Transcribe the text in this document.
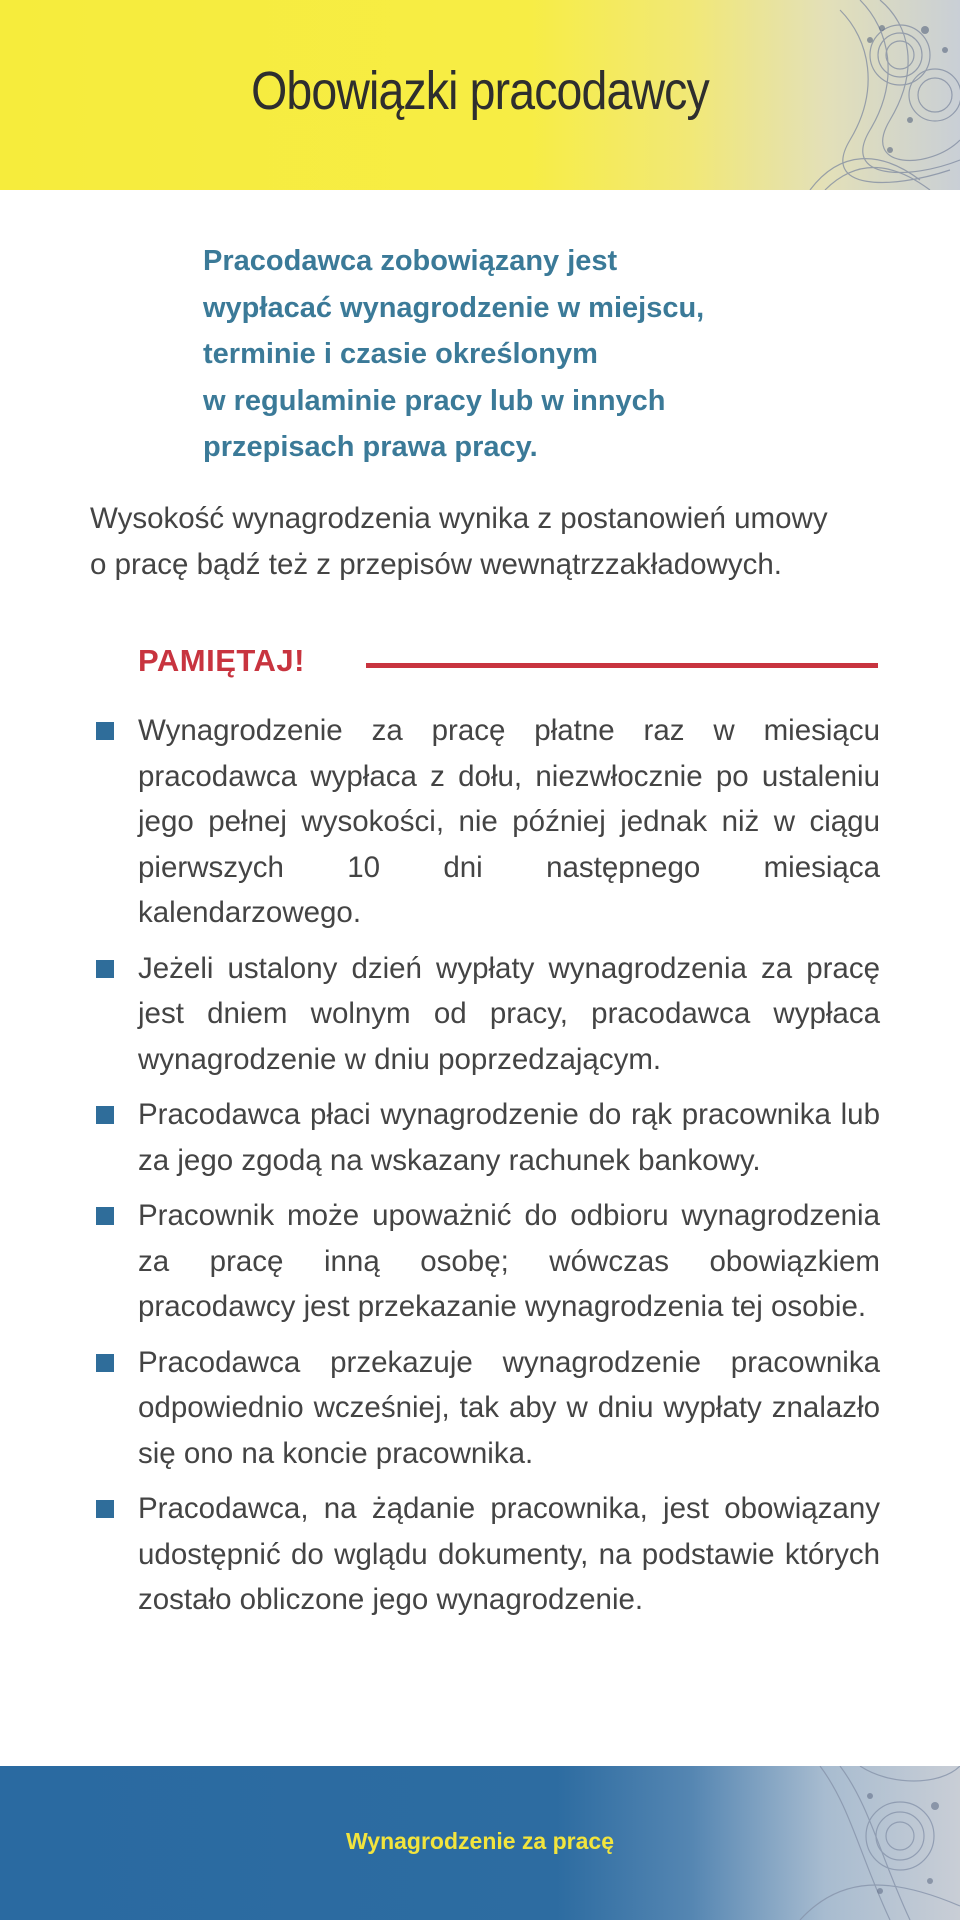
Obowiązki pracodawcy
Pracodawca zobowiązany jest
wypłacać wynagrodzenie w miejscu,
terminie i czasie określonym
w regulaminie pracy lub w innych
przepisach prawa pracy.
Wysokość wynagrodzenia wynika z postanowień umowy
o pracę bądź też z przepisów wewnątrzzakładowych.
PAMIĘTAJ!
Wynagrodzenie za pracę płatne raz w miesiącu pracodawca wypłaca z dołu, niezwłocznie po ustaleniu jego pełnej wysokości, nie później jednak niż w ciągu pierwszych 10 dni następnego miesiąca kalendarzowego.
Jeżeli ustalony dzień wypłaty wynagrodzenia za pracę jest dniem wolnym od pracy, pracodawca wypłaca wynagrodzenie w dniu poprzedzającym.
Pracodawca płaci wynagrodzenie do rąk pracownika lub za jego zgodą na wskazany rachunek bankowy.
Pracownik może upoważnić do odbioru wynagrodzenia za pracę inną osobę; wówczas obowiązkiem pracodawcy jest przekazanie wynagrodzenia tej osobie.
Pracodawca przekazuje wynagrodzenie pracownika odpowiednio wcześniej, tak aby w dniu wypłaty znalazło się ono na koncie pracownika.
Pracodawca, na żądanie pracownika, jest obowiązany udostępnić do wglądu dokumenty, na podstawie których zostało obliczone jego wynagrodzenie.
Wynagrodzenie za pracę
